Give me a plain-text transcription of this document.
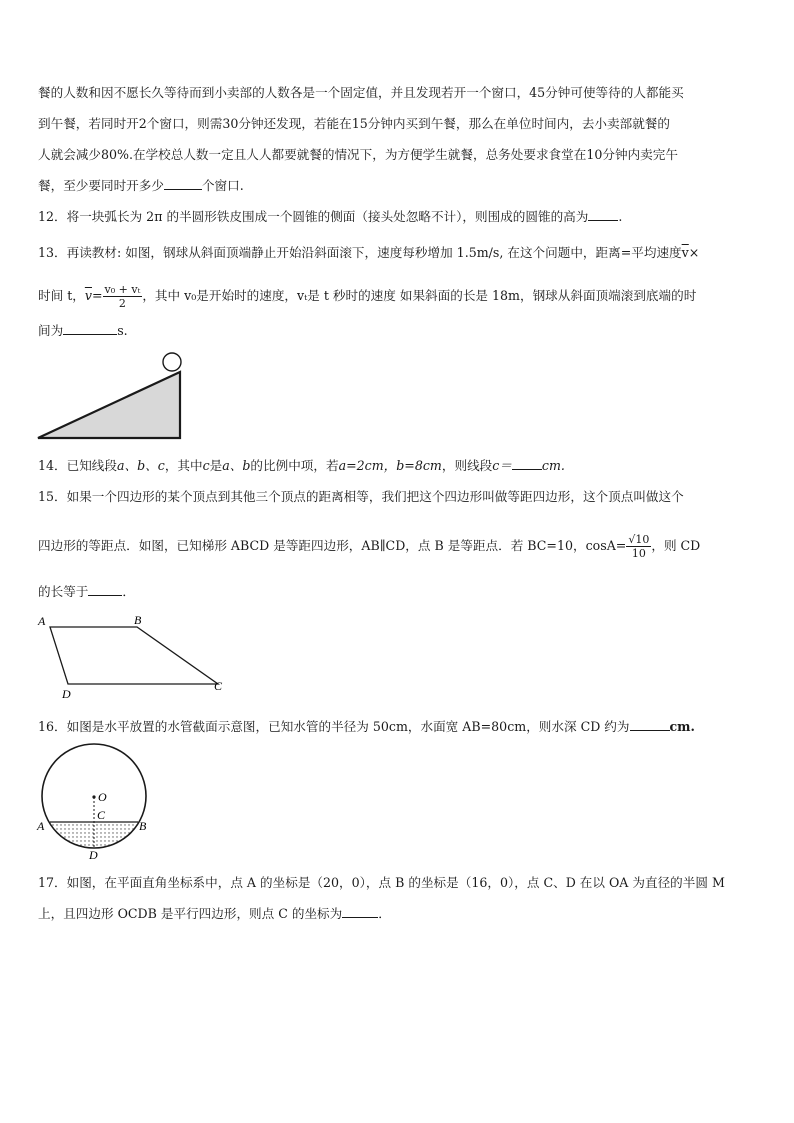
餐的人数和因不愿长久等待而到小卖部的人数各是一个固定值，并且发现若开一个窗口，45分钟可使等待的人都能买
到午餐，若同时开2个窗口，则需30分钟还发现，若能在15分钟内买到午餐，那么在单位时间内，去小卖部就餐的
人就会减少80%.在学校总人数一定且人人都要就餐的情况下，为方便学生就餐，总务处要求食堂在10分钟内卖完午
餐，至少要同时开多少	个窗口.
12．将一块弧长为 2π 的半圆形铁皮围成一个圆锥的侧面（接头处忽略不计），则围成的圆锥的高为 .
13．再读教材: 如图，钢球从斜面顶端静止开始沿斜面滚下，速度每秒增加 1.5m/s, 在这个问题中，距离=平均速度$\overline{v}\times$
时间 t，$\overline{v}= \frac{\text{v₀ + vₜ}}{2}$ ，其中 v₀是开始时的速度，vₜ是 t 秒时的速度 如果斜面的长是 18m，钢球从斜面顶端滚到底端的时
间为	s.
14．已知线段a、b、c，其中c是a、b的比例中项，若a=2cm，b=8cm，则线段c＝ cm.
15．如果一个四边形的某个顶点到其他三个顶点的距离相等，我们把这个四边形叫做等距四边形，这个顶点叫做这个
四边形的等距点．如图，已知梯形 ABCD 是等距四边形，AB∥CD，点 B 是等距点．若 BC=10，$\cos A= \frac{√10}{10}$ ，则 CD
的长等于	．
A	B
C
D
16．如图是水平放置的水管截面示意图，已知水管的半径为 50cm，水面宽 AB=80cm，则水深 CD 约为	cm.
O
A	B
C
D
17．如图，在平面直角坐标系中，点 A 的坐标是（20，0），点 B 的坐标是（16，0），点 C、D 在以 OA 为直径的半圆 M
上，且四边形 OCDB 是平行四边形，则点 C 的坐标为	．
